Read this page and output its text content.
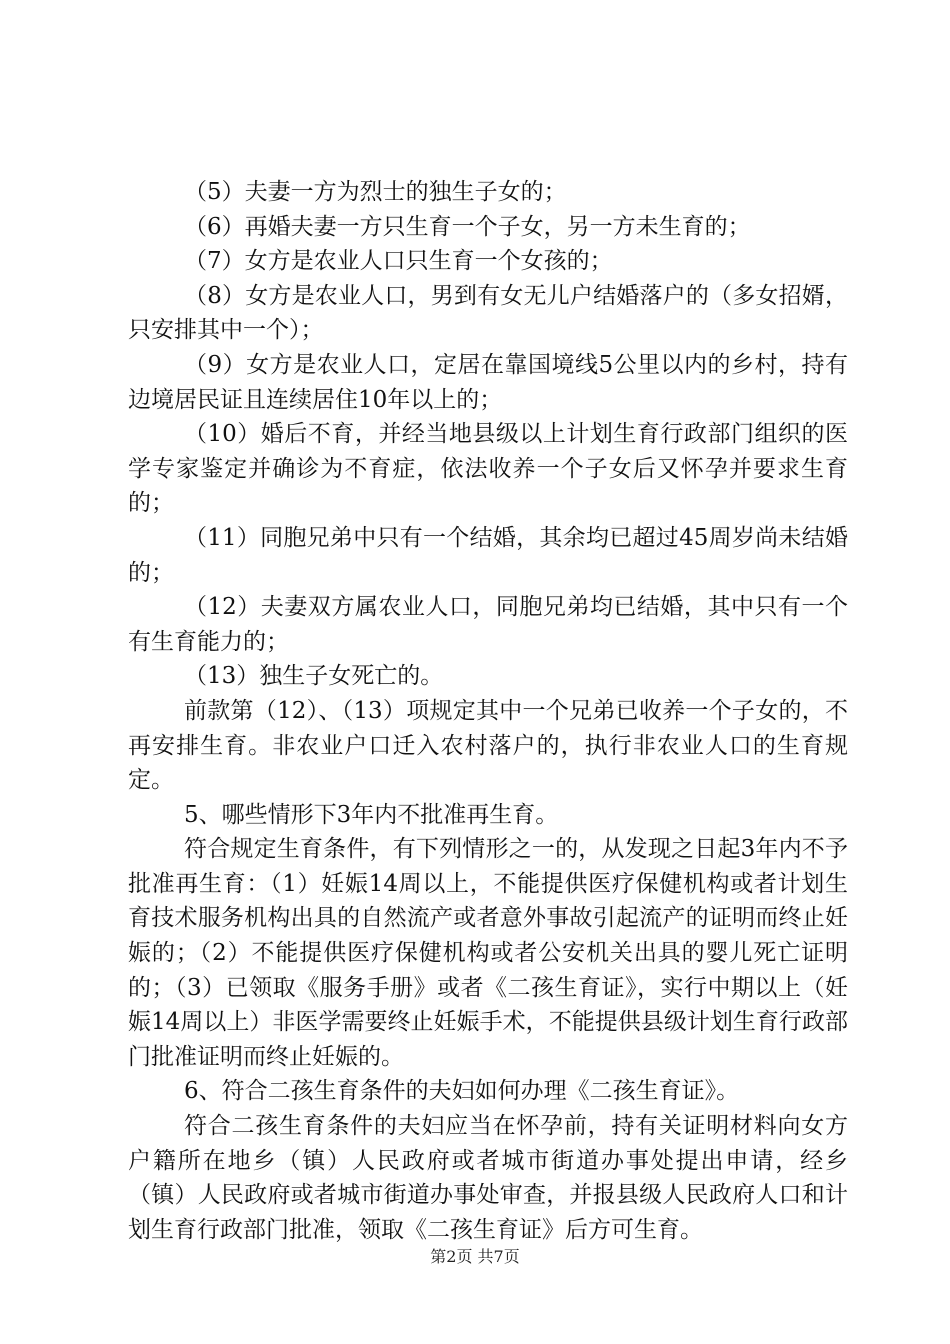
（5）夫妻一方为烈士的独生子女的；

（6）再婚夫妻一方只生育一个子女，另一方未生育的；

（7）女方是农业人口只生育一个女孩的；

（8）女方是农业人口，男到有女无儿户结婚落户的（多女招婿，只安排其中一个）；

（9）女方是农业人口，定居在靠国境线5公里以内的乡村，持有边境居民证且连续居住10年以上的；

（10）婚后不育，并经当地县级以上计划生育行政部门组织的医学专家鉴定并确诊为不育症，依法收养一个子女后又怀孕并要求生育的；

（11）同胞兄弟中只有一个结婚，其余均已超过45周岁尚未结婚的；

（12）夫妻双方属农业人口，同胞兄弟均已结婚，其中只有一个有生育能力的；

（13）独生子女死亡的。

前款第（12）、（13）项规定其中一个兄弟已收养一个子女的，不再安排生育。非农业户口迁入农村落户的，执行非农业人口的生育规定。

5、哪些情形下3年内不批准再生育。

符合规定生育条件，有下列情形之一的，从发现之日起3年内不予批准再生育：（1）妊娠14周以上，不能提供医疗保健机构或者计划生育技术服务机构出具的自然流产或者意外事故引起流产的证明而终止妊娠的；（2）不能提供医疗保健机构或者公安机关出具的婴儿死亡证明的；（3）已领取《服务手册》或者《二孩生育证》，实行中期以上（妊娠14周以上）非医学需要终止妊娠手术，不能提供县级计划生育行政部门批准证明而终止妊娠的。

6、符合二孩生育条件的夫妇如何办理《二孩生育证》。

符合二孩生育条件的夫妇应当在怀孕前，持有关证明材料向女方户籍所在地乡（镇）人民政府或者城市街道办事处提出申请，经乡（镇）人民政府或者城市街道办事处审查，并报县级人民政府人口和计划生育行政部门批准，领取《二孩生育证》后方可生育。

第2页 共7页
